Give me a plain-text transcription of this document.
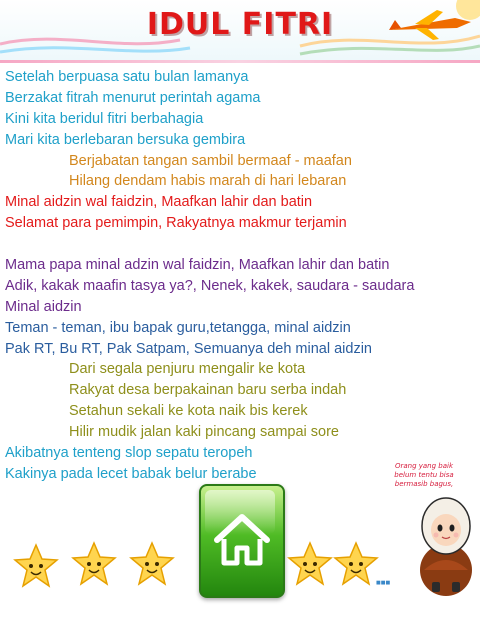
IDUL FITRI
Setelah berpuasa satu bulan lamanya
Berzakat fitrah menurut perintah agama
Kini kita beridul fitri berbahagia
Mari kita berlebaran bersuka gembira
Berjabatan tangan sambil bermaaf - maafan
Hilang dendam habis marah di hari lebaran
Minal aidzin wal faidzin, Maafkan lahir dan batin
Selamat para pemimpin, Rakyatnya makmur terjamin
Mama papa minal adzin wal faidzin, Maafkan lahir dan batin
Adik, kakak maafin tasya ya?, Nenek, kakek, saudara - saudara
Minal aidzin
Teman - teman, ibu bapak guru,tetangga, minal aidzin
Pak RT, Bu RT, Pak Satpam, Semuanya deh minal aidzin
Dari segala penjuru mengalir ke kota
Rakyat desa berpakainan baru serba indah
Setahun sekali ke kota naik bis kerek
Hilir mudik jalan kaki pincang sampai sore
Akibatnya tenteng slop sepatu teropeh
Kakinya pada lecet babak belur berabe	Orang yang baik
belum tentu bisa
bermasib bagus,
■■■
